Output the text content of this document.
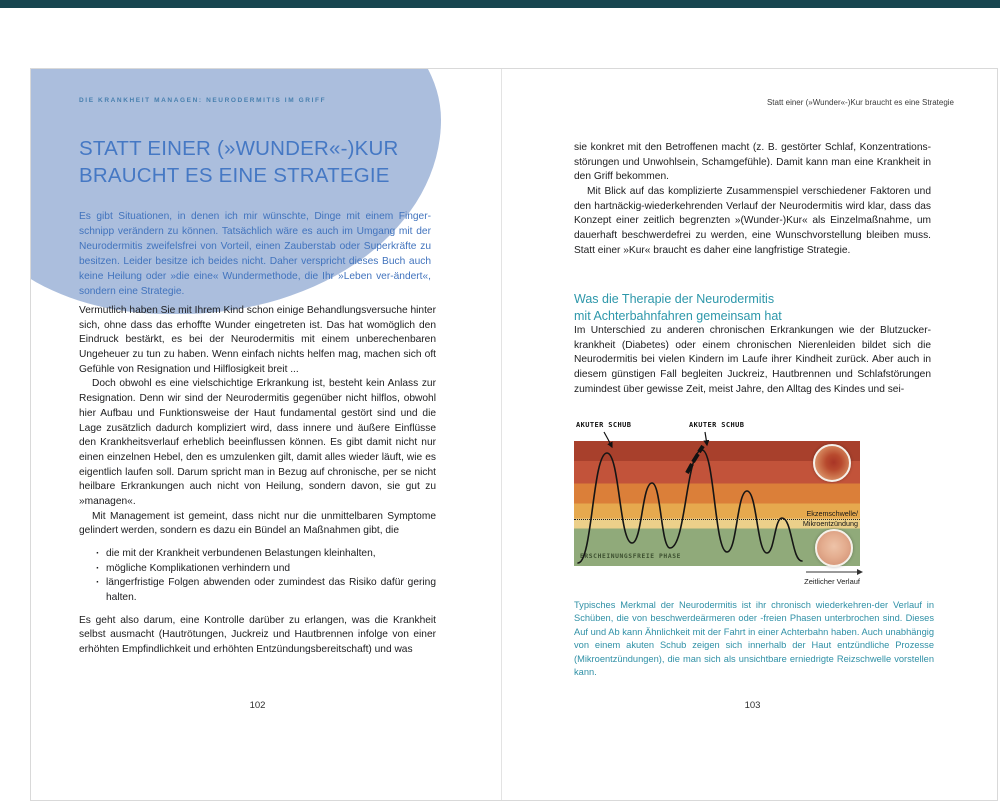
DIE KRANKHEIT MANAGEN: NEURODERMITIS IM GRIFF
STATT EINER (»WUNDER«-)KUR
BRAUCHT ES EINE STRATEGIE
Es gibt Situationen, in denen ich mir wünschte, Dinge mit einem Finger-schnipp verändern zu können. Tatsächlich wäre es auch im Umgang mit der Neurodermitis zweifelsfrei von Vorteil, einen Zauberstab oder Superkräfte zu besitzen. Leider besitze ich beides nicht. Daher verspricht dieses Buch auch keine Heilung oder »die eine« Wundermethode, die Ihr »Leben ver-ändert«, sondern eine Strategie.

Vermutlich haben Sie mit Ihrem Kind schon einige Behandlungsversuche hinter sich, ohne dass das erhoffte Wunder eingetreten ist. Das hat womöglich den Eindruck bestärkt, es bei der Neurodermitis mit einem unberechenbaren Ungeheuer zu tun zu haben. Wenn einfach nichts helfen mag, machen sich oft Gefühle von Resignation und Hilflosigkeit breit ...

Doch obwohl es eine vielschichtige Erkrankung ist, besteht kein Anlass zur Resignation. Denn wir sind der Neurodermitis gegenüber nicht hilflos, obwohl hier Aufbau und Funktionsweise der Haut fundamental gestört sind und die Lage zusätzlich dadurch kompliziert wird, dass innere und äußere Einflüsse den Krankheitsverlauf erheblich beeinflussen können. Es gibt damit nicht nur einen einzelnen Hebel, den es umzulenken gilt, damit alles wieder läuft, wie es eigentlich laufen soll. Darum spricht man in Bezug auf chronische, per se nicht heilbare Erkrankungen auch nicht von Heilung, sondern davon, sie gut zu »managen«.

Mit Management ist gemeint, dass nicht nur die unmittelbaren Symptome gelindert werden, sondern es dazu ein Bündel an Maßnahmen gibt, die

· die mit der Krankheit verbundenen Belastungen kleinhalten,
· mögliche Komplikationen verhindern und
· längerfristige Folgen abwenden oder zumindest das Risiko dafür gering halten.

Es geht also darum, eine Kontrolle darüber zu erlangen, was die Krankheit selbst ausmacht (Hautrötungen, Juckreiz und Hautbrennen infolge von einer erhöhten Empfindlichkeit und erhöhten Entzündungsbereitschaft) und was

102
Statt einer (»Wunder«-)Kur braucht es eine Strategie

sie konkret mit den Betroffenen macht (z. B. gestörter Schlaf, Konzentrations-störungen und Unwohlsein, Schamgefühle). Damit kann man eine Krankheit in den Griff bekommen.

Mit Blick auf das komplizierte Zusammenspiel verschiedener Faktoren und den hartnäckig-wiederkehrenden Verlauf der Neurodermitis wird klar, dass das Konzept einer zeitlich begrenzten »(Wunder-)Kur« als Einzelmaßnahme, um dauerhaft beschwerdefrei zu werden, eine Wunschvorstellung bleiben muss. Statt einer »Kur« braucht es daher eine langfristige Strategie.

Was die Therapie der Neurodermitis
mit Achterbahnfahren gemeinsam hat

Im Unterschied zu anderen chronischen Erkrankungen wie der Blutzucker-krankheit (Diabetes) oder einem chronischen Nierenleiden bildet sich die Neurodermitis bei vielen Kindern im Laufe ihrer Kindheit zurück. Aber auch in diesem günstigen Fall begleiten Juckreiz, Hautbrennen und Schlafstörungen zumindest über gewisse Zeit, meist Jahre, den Alltag des Kindes und sei-

AKUTER SCHUB	AKUTER SCHUB
Ekzemschwelle/
Mikroentzündung
ERSCHEINUNGSFREIE PHASE
Zeitlicher Verlauf
Typisches Merkmal der Neurodermitis ist ihr chronisch wiederkehren-der Verlauf in Schüben, die von beschwerdeärmeren oder -freien Phasen unterbrochen sind. Dieses Auf und Ab kann Ähnlichkeit mit der Fahrt in einer Achterbahn haben. Auch unabhängig von einem akuten Schub zeigen sich innerhalb der Haut entzündliche Prozesse (Mikroentzündungen), die man sich als unsichtbare erniedrigte Reizschwelle vorstellen kann.
103
